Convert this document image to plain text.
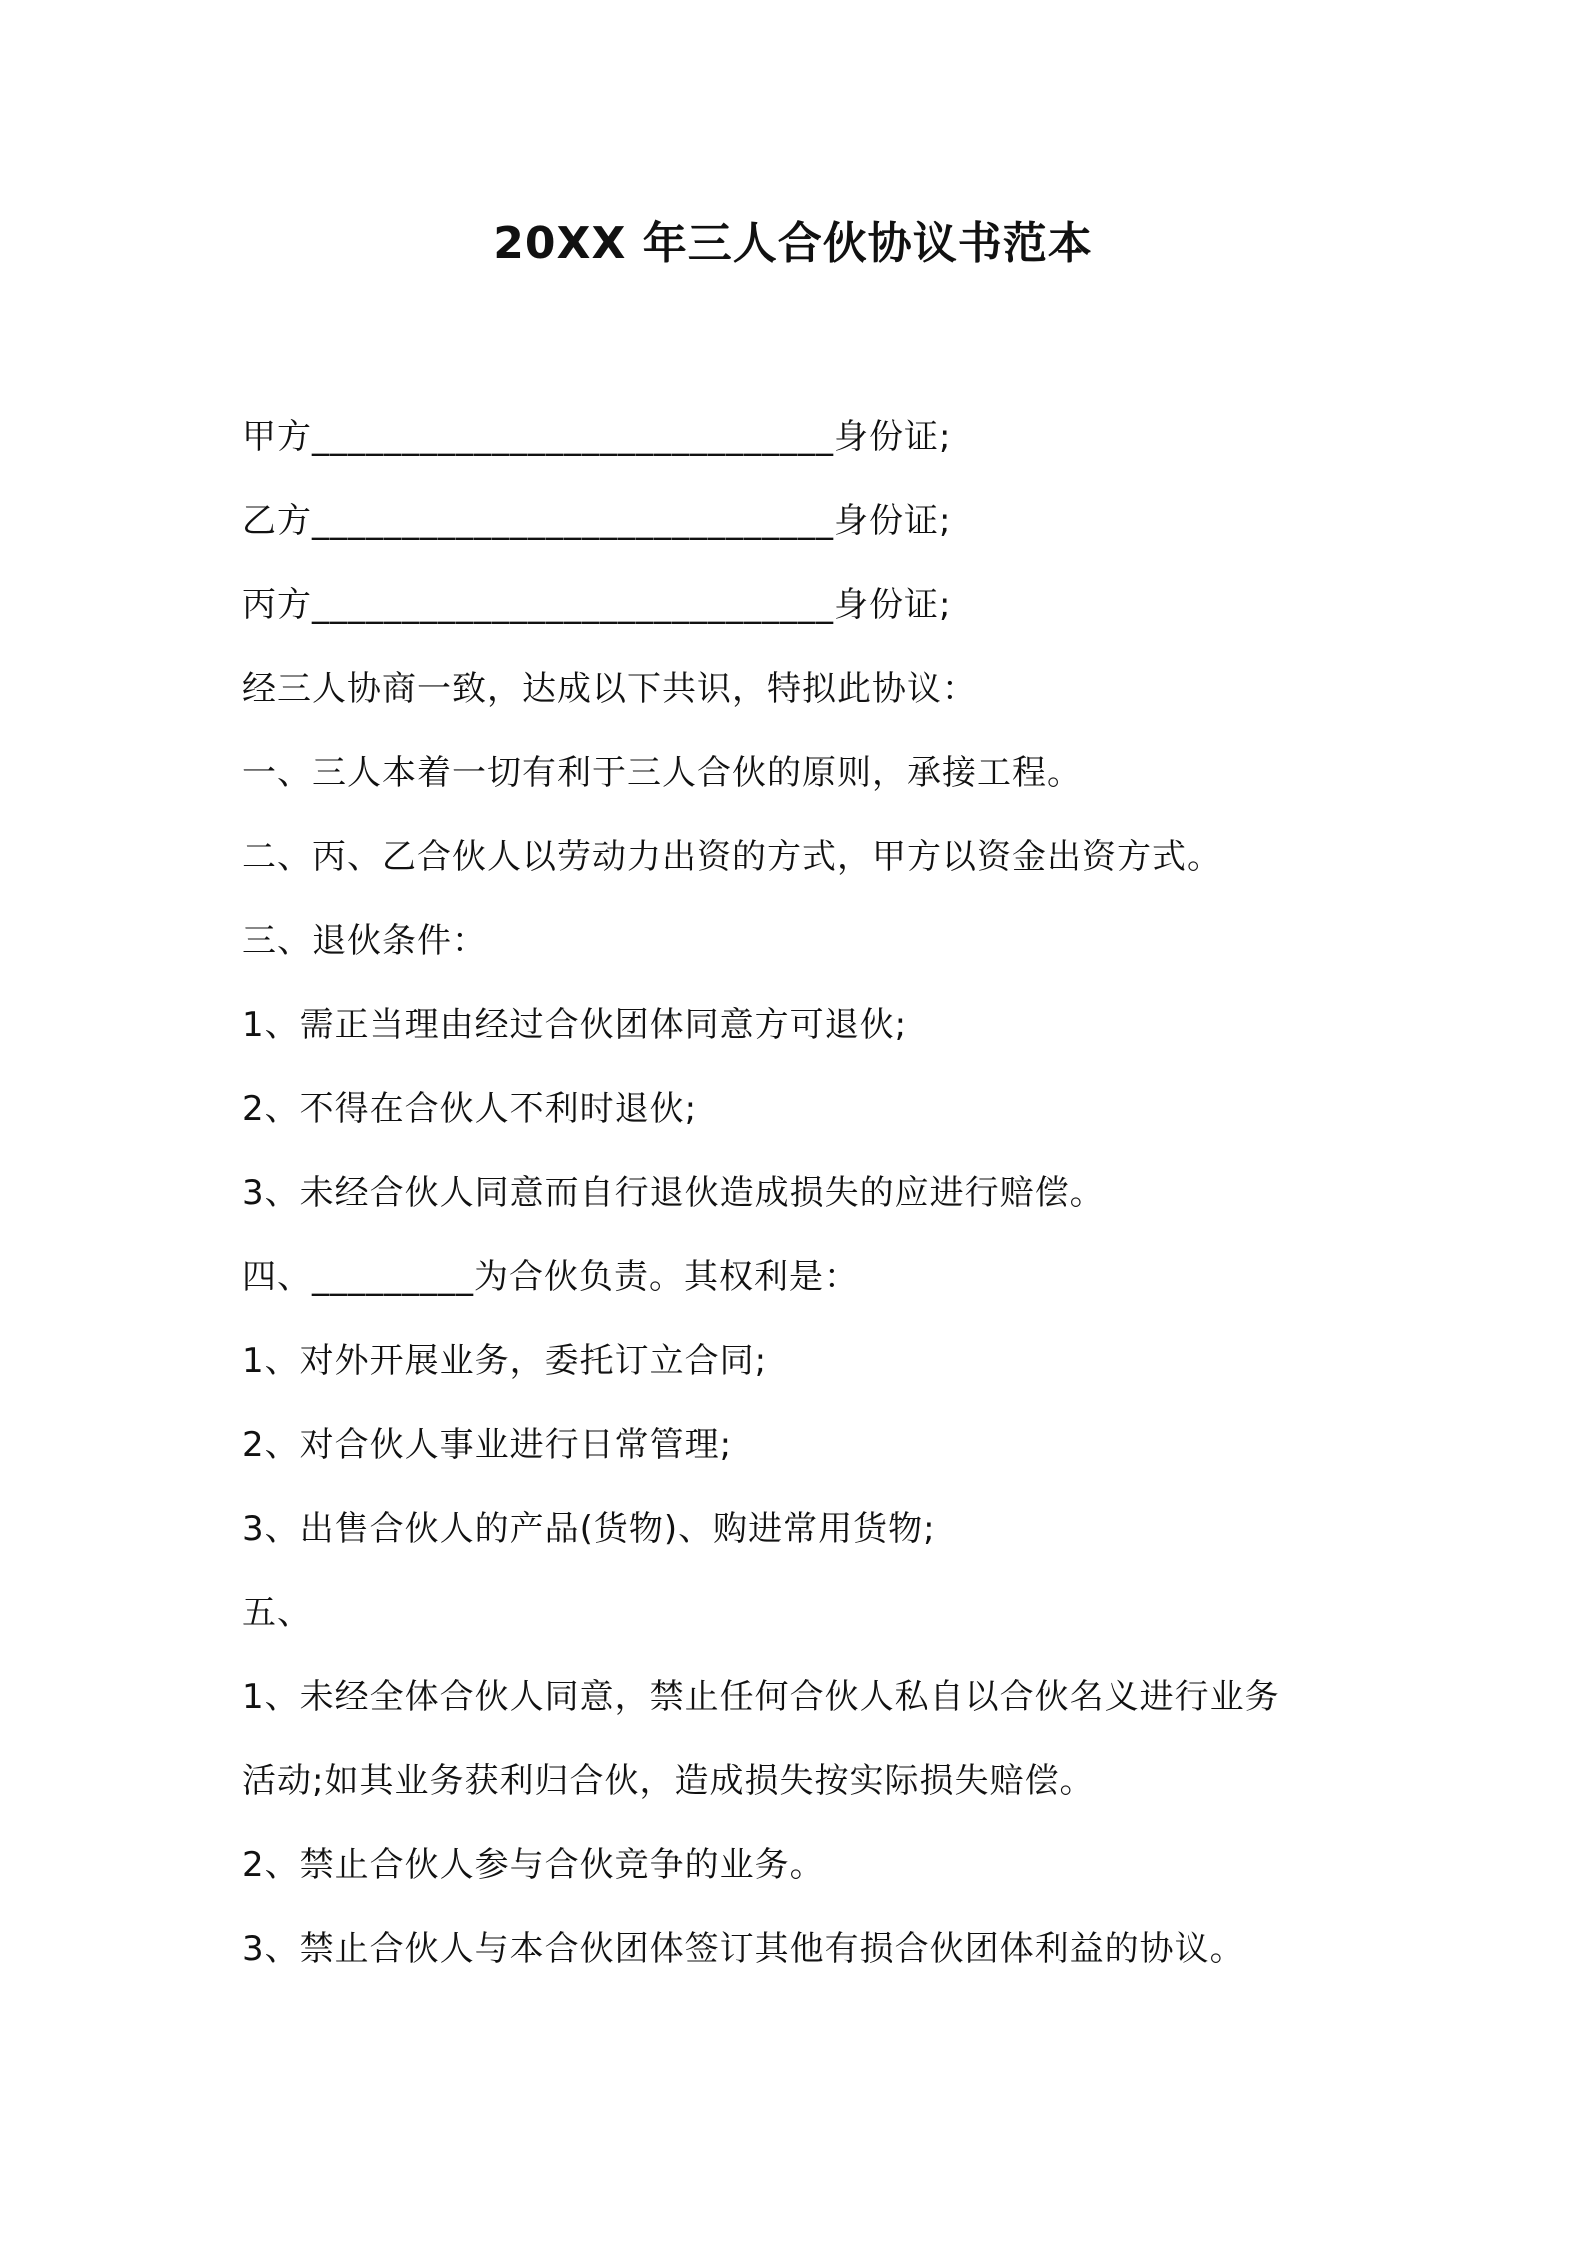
20XX 年三人合伙协议书范本
甲方_____________________________身份证;
乙方_____________________________身份证;
丙方_____________________________身份证;
经三人协商一致，达成以下共识，特拟此协议：
一、三人本着一切有利于三人合伙的原则，承接工程。
二、丙、乙合伙人以劳动力出资的方式，甲方以资金出资方式。
三、退伙条件：
1、需正当理由经过合伙团体同意方可退伙;
2、不得在合伙人不利时退伙;
3、未经合伙人同意而自行退伙造成损失的应进行赔偿。
四、_________为合伙负责。其权利是：
1、对外开展业务，委托订立合同;
2、对合伙人事业进行日常管理;
3、出售合伙人的产品(货物)、购进常用货物;
五、
1、未经全体合伙人同意，禁止任何合伙人私自以合伙名义进行业务
活动;如其业务获利归合伙，造成损失按实际损失赔偿。
2、禁止合伙人参与合伙竞争的业务。
3、禁止合伙人与本合伙团体签订其他有损合伙团体利益的协议。
